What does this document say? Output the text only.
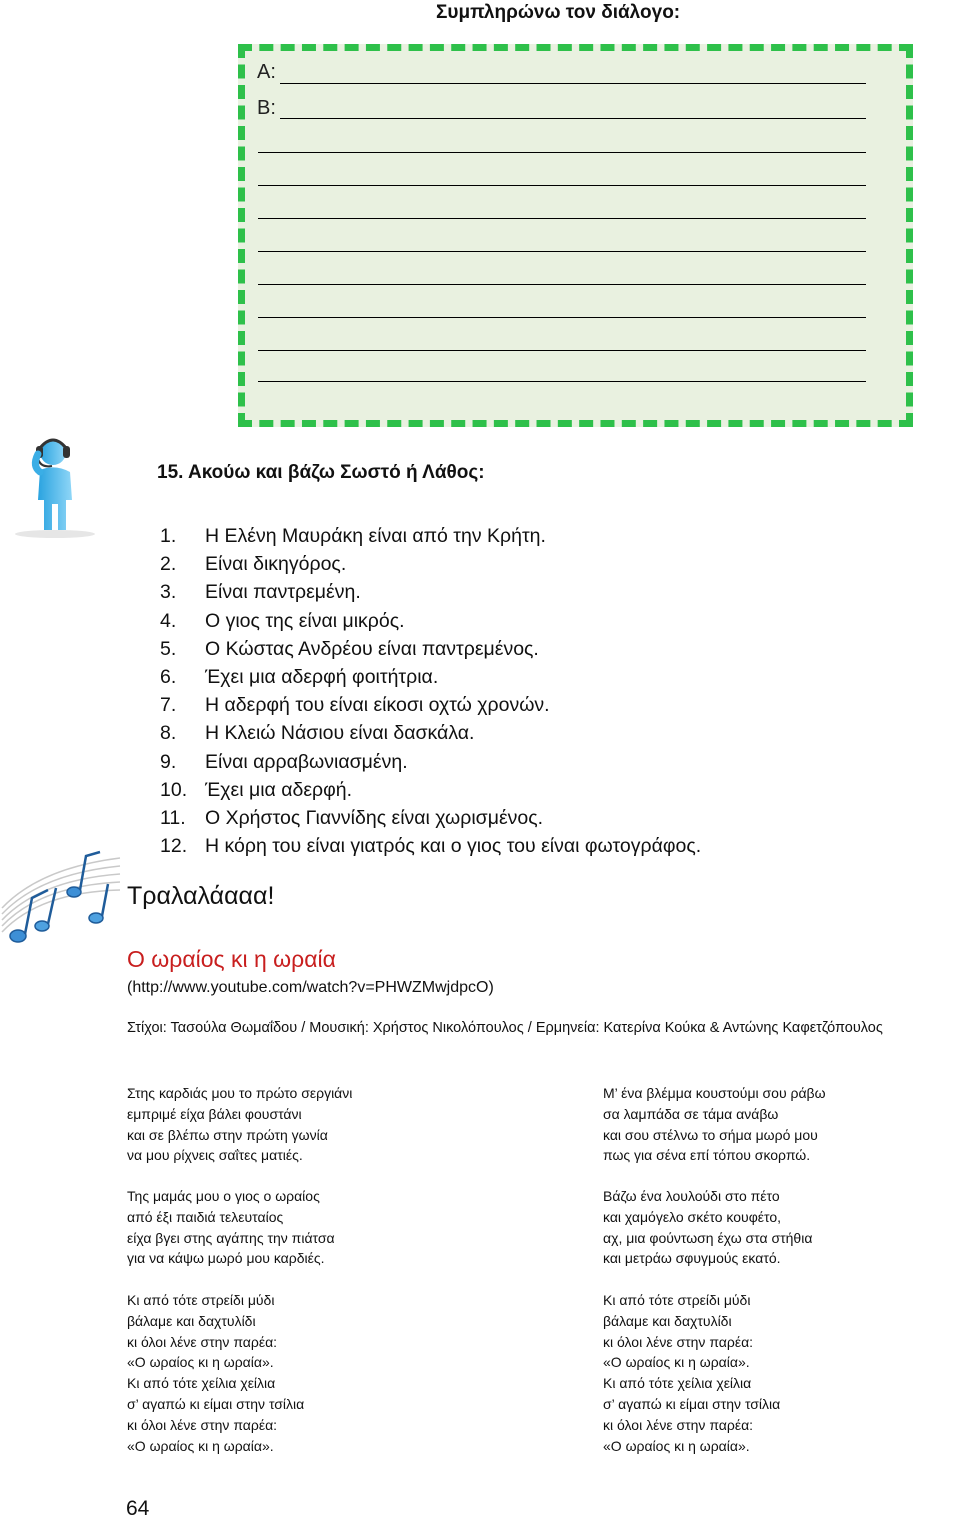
Συμπληρώνω τον διάλογο:
Α:
Β:
15. Ακούω και βάζω Σωστό ή Λάθος:
1.	Η Ελένη Μαυράκη είναι από την Κρήτη.
2.	Είναι δικηγόρος.
3.	Είναι παντρεμένη.
4.	Ο γιος της είναι μικρός.
5.	Ο Κώστας Ανδρέου είναι παντρεμένος.
6.	Έχει μια αδερφή φοιτήτρια.
7.	Η αδερφή του είναι είκοσι οχτώ χρονών.
8.	Η Κλειώ Νάσιου είναι δασκάλα.
9.	Είναι αρραβωνιασμένη.
10. Έχει μια αδερφή.
11. Ο Χρήστος Γιαννίδης είναι χωρισμένος.
12. Η κόρη του είναι γιατρός και ο γιος του είναι φωτογράφος.
Τραλαλάααα!
Ο ωραίος κι η ωραία
(http://www.youtube.com/watch?v=PHWZMwjdpcO)
Στίχοι: Τασούλα Θωμαΐδου / Μουσική: Χρήστος Νικολόπουλος / Ερμηνεία: Κατερίνα Κούκα & Αντώνης Καφετζόπουλος
Στης καρδιάς μου το πρώτο σεργιάνι
εμπριμέ είχα βάλει φουστάνι
και σε βλέπω στην πρώτη γωνία
να μου ρίχνεις σαΐτες ματιές.
Της μαμάς μου ο γιος ο ωραίος
από έξι παιδιά τελευταίος
είχα βγει στης αγάπης την πιάτσα
για να κάψω μωρό μου καρδιές.
Κι από τότε στρείδι μύδι
βάλαμε και δαχτυλίδι
κι όλοι λένε στην παρέα:
«Ο ωραίος κι η ωραία».
Κι από τότε χείλια χείλια
σ’ αγαπώ κι είμαι στην τσίλια
κι όλοι λένε στην παρέα:
«Ο ωραίος κι η ωραία».
Μ’ ένα βλέμμα κουστούμι σου ράβω
σα λαμπάδα σε τάμα ανάβω
και σου στέλνω το σήμα μωρό μου
πως για σένα επί τόπου σκορπώ.
Βάζω ένα λουλούδι στο πέτο
και χαμόγελο σκέτο κουφέτο,
αχ, μια φούντωση έχω στα στήθια
και μετράω σφυγμούς εκατό.
Κι από τότε στρείδι μύδι
βάλαμε και δαχτυλίδι
κι όλοι λένε στην παρέα:
«Ο ωραίος κι η ωραία».
Κι από τότε χείλια χείλια
σ’ αγαπώ κι είμαι στην τσίλια
κι όλοι λένε στην παρέα:
«Ο ωραίος κι η ωραία».
64
